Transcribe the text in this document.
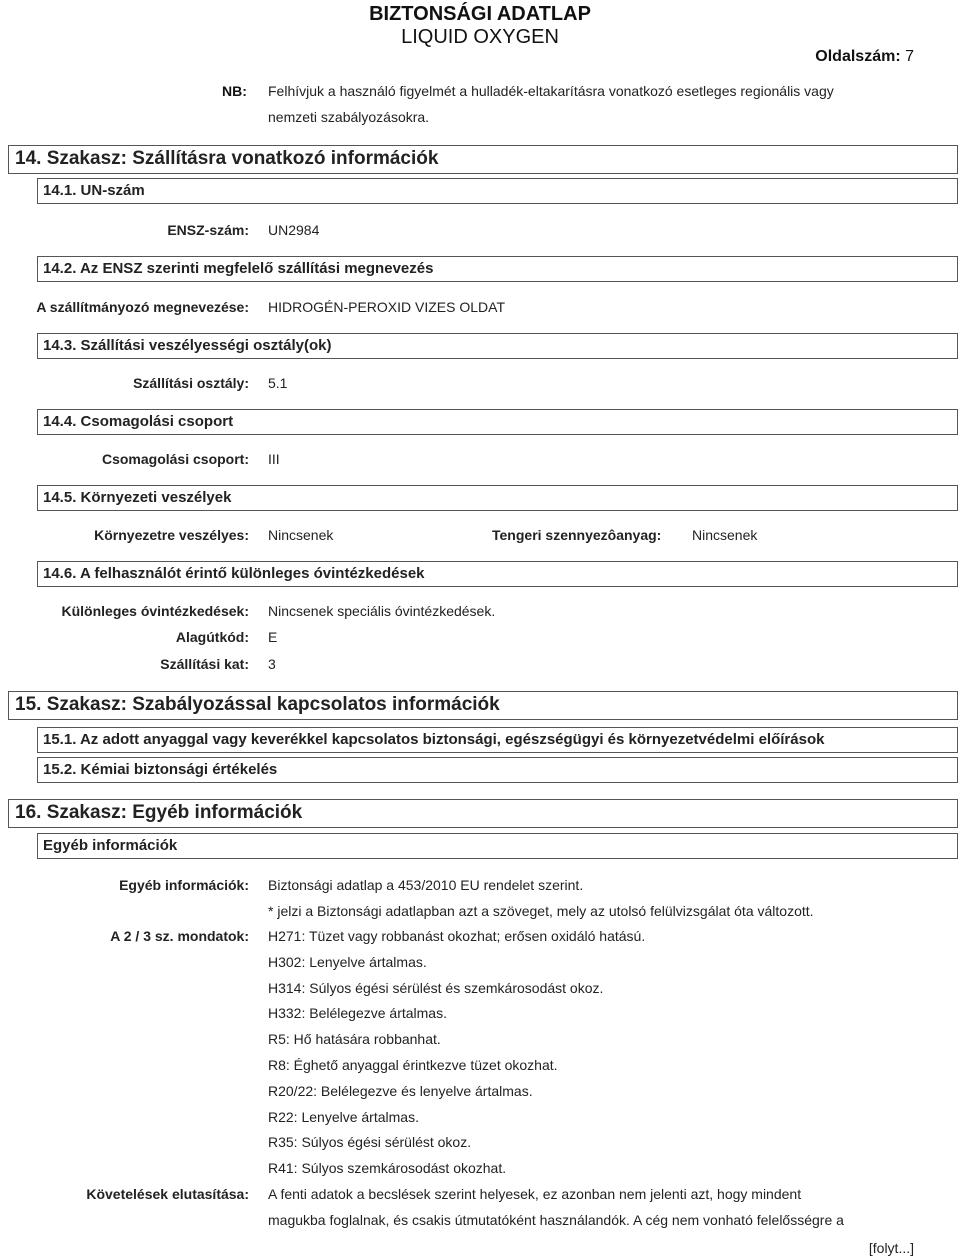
BIZTONSÁGI ADATLAP
LIQUID OXYGEN
Oldalszám: 7
NB: Felhívjuk a használó figyelmét a hulladék-eltakarításra vonatkozó esetleges regionális vagy
nemzeti szabályozásokra.
14. Szakasz: Szállításra vonatkozó információk
14.1. UN-szám
ENSZ-szám: UN2984
14.2. Az ENSZ szerinti megfelelő szállítási megnevezés
A szállítmányozó megnevezése: HIDROGÉN-PEROXID VIZES OLDAT
14.3. Szállítási veszélyességi osztály(ok)
Szállítási osztály: 5.1
14.4. Csomagolási csoport
Csomagolási csoport: III
14.5. Környezeti veszélyek
Környezetre veszélyes: Nincsenek	Tengeri szennyezôanyag: Nincsenek
14.6. A felhasználót érintő különleges óvintézkedések
Különleges óvintézkedések: Nincsenek speciális óvintézkedések.
Alagútkód: E
Szállítási kat: 3
15. Szakasz: Szabályozással kapcsolatos információk
15.1. Az adott anyaggal vagy keverékkel kapcsolatos biztonsági, egészségügyi és környezetvédelmi előírások
15.2. Kémiai biztonsági értékelés
16. Szakasz: Egyéb információk
Egyéb információk
Egyéb információk: Biztonsági adatlap a 453/2010 EU rendelet szerint.
* jelzi a Biztonsági adatlapban azt a szöveget, mely az utolsó felülvizsgálat óta változott.
A 2 / 3 sz. mondatok: H271: Tüzet vagy robbanást okozhat; erősen oxidáló hatású.
H302: Lenyelve ártalmas.
H314: Súlyos égési sérülést és szemkárosodást okoz.
H332: Belélegezve ártalmas.
R5: Hő hatására robbanhat.
R8: Éghető anyaggal érintkezve tüzet okozhat.
R20/22: Belélegezve és lenyelve ártalmas.
R22: Lenyelve ártalmas.
R35: Súlyos égési sérülést okoz.
R41: Súlyos szemkárosodást okozhat.
Követelések elutasítása: A fenti adatok a becslések szerint helyesek, ez azonban nem jelenti azt, hogy mindent
magukba foglalnak, és csakis útmutatóként használandók. A cég nem vonható felelősségre a
[folyt...]
